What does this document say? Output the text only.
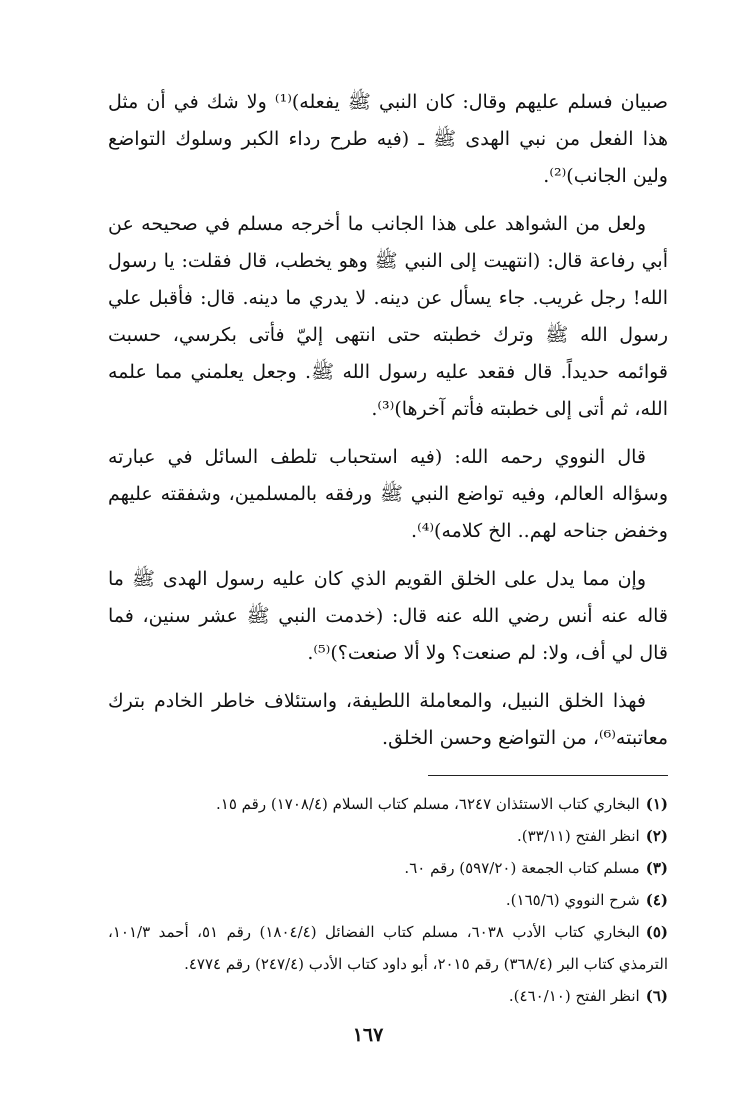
صبيان فسلم عليهم وقال: كان النبي ﷺ يفعله)⁽¹⁾ ولا شك في أن مثل هذا الفعل من نبي الهدى ﷺ ـ (فيه طرح رداء الكبر وسلوك التواضع ولين الجانب)⁽²⁾.

ولعل من الشواهد على هذا الجانب ما أخرجه مسلم في صحيحه عن أبي رفاعة قال: (انتهيت إلى النبي ﷺ وهو يخطب، قال فقلت: يا رسول الله! رجل غريب. جاء يسأل عن دينه. لا يدري ما دينه. قال: فأقبل علي رسول الله ﷺ وترك خطبته حتى انتهى إليّ فأتى بكرسي، حسبت قوائمه حديداً. قال فقعد عليه رسول الله ﷺ. وجعل يعلمني مما علمه الله، ثم أتى إلى خطبته فأتم آخرها)⁽³⁾.

قال النووي رحمه الله: (فيه استحباب تلطف السائل في عبارته وسؤاله العالم، وفيه تواضع النبي ﷺ ورفقه بالمسلمين، وشفقته عليهم وخفض جناحه لهم.. الخ كلامه)⁽⁴⁾.

وإن مما يدل على الخلق القويم الذي كان عليه رسول الهدى ﷺ ما قاله عنه أنس رضي الله عنه قال: (خدمت النبي ﷺ عشر سنين، فما قال لي أف، ولا: لم صنعت؟ ولا ألا صنعت؟)⁽⁵⁾.

فهذا الخلق النبيل، والمعاملة اللطيفة، واستئلاف خاطر الخادم بترك معاتبته⁽⁶⁾، من التواضع وحسن الخلق.

(١)البخاري كتاب الاستئذان ٦٢٤٧، مسلم كتاب السلام (١٧٠٨/٤) رقم ١٥.

(٢)انظر الفتح (٣٣/١١).

(٣)مسلم كتاب الجمعة (٥٩٧/٢٠) رقم ٦٠.

(٤)شرح النووي (١٦٥/٦).

(٥)البخاري كتاب الأدب ٦٠٣٨، مسلم كتاب الفضائل (١٨٠٤/٤) رقم ٥١، أحمد ١٠١/٣، الترمذي كتاب البر (٣٦٨/٤) رقم ٢٠١٥، أبو داود كتاب الأدب (٢٤٧/٤) رقم ٤٧٧٤.

(٦)انظر الفتح (٤٦٠/١٠).

١٦٧
